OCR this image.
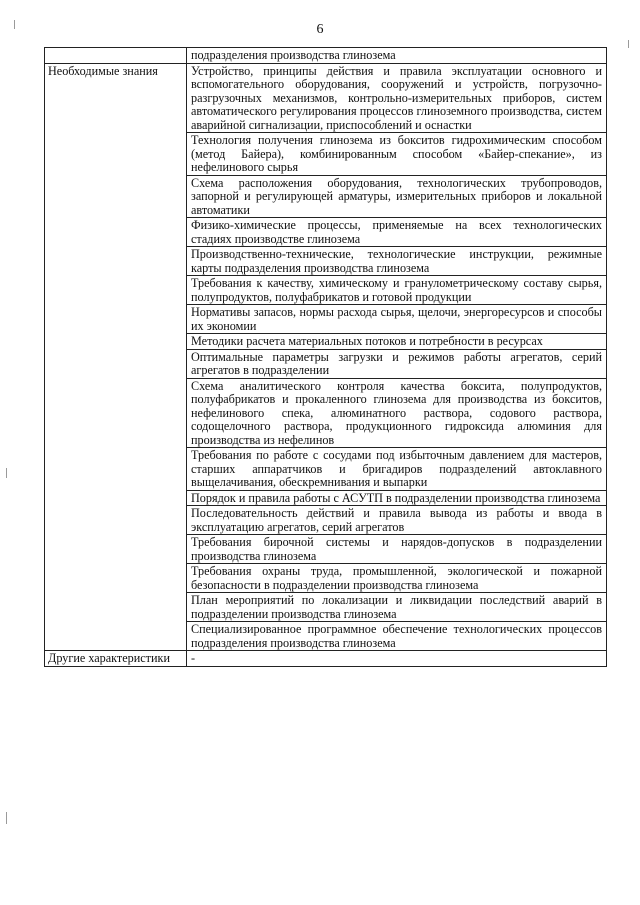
6
	подразделения производства глинозема
Необходимые знания	Устройство, принципы действия и правила эксплуатации основного и вспомогательного оборудования, сооружений и устройств, погрузочно-разгрузочных механизмов, контрольно-измерительных приборов, систем автоматического регулирования процессов глиноземного производства, систем аварийной сигнализации, приспособлений и оснастки
	Технология получения глинозема из бокситов гидрохимическим способом (метод Байера), комбинированным способом «Байер-спекание», из нефелинового сырья
	Схема расположения оборудования, технологических трубопроводов, запорной и регулирующей арматуры, измерительных приборов и локальной автоматики
	Физико-химические процессы, применяемые на всех технологических стадиях производстве глинозема
	Производственно-технические, технологические инструкции, режимные карты подразделения производства глинозема
	Требования к качеству, химическому и гранулометрическому составу сырья, полупродуктов, полуфабрикатов и готовой продукции
	Нормативы запасов, нормы расхода сырья, щелочи, энергоресурсов и способы их экономии
	Методики расчета материальных потоков и потребности в ресурсах
	Оптимальные параметры загрузки и режимов работы агрегатов, серий агрегатов в подразделении
	Схема аналитического контроля качества боксита, полупродуктов, полуфабрикатов и прокаленного глинозема для производства из бокситов, нефелинового спека, алюминатного раствора, содового раствора, содощелочного раствора, продукционного гидроксида алюминия для производства из нефелинов
	Требования по работе с сосудами под избыточным давлением для мастеров, старших аппаратчиков и бригадиров подразделений автоклавного выщелачивания, обескремнивания и выпарки
	Порядок и правила работы с АСУТП в подразделении производства глинозема
	Последовательность действий и правила вывода из работы и ввода в эксплуатацию агрегатов, серий агрегатов
	Требования бирочной системы и нарядов-допусков в подразделении производства глинозема
	Требования охраны труда, промышленной, экологической и пожарной безопасности в подразделении производства глинозема
	План мероприятий по локализации и ликвидации последствий аварий в подразделении производства глинозема
	Специализированное программное обеспечение технологических процессов подразделения производства глинозема
Другие характеристики	-
